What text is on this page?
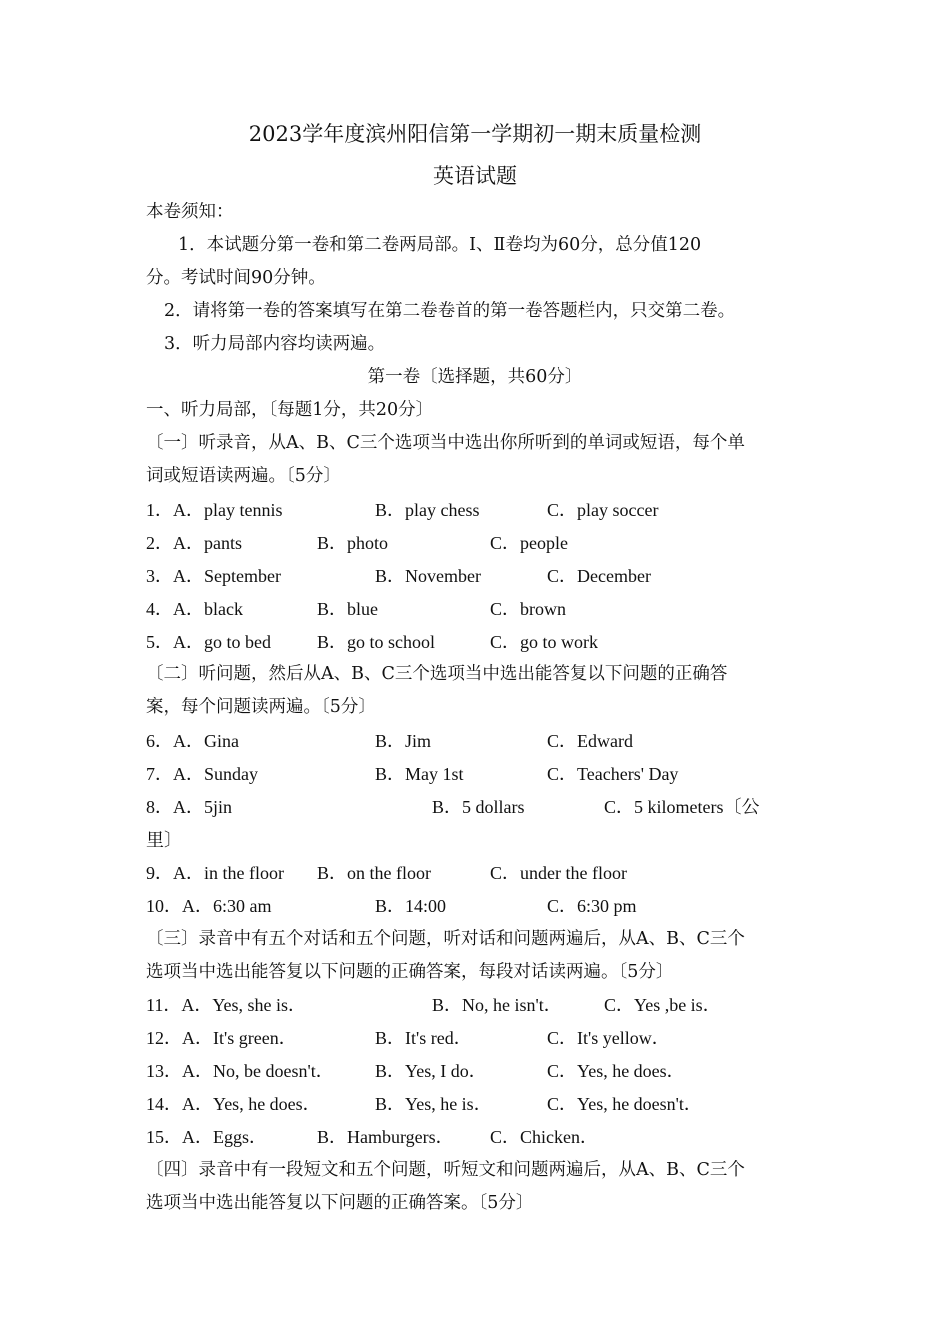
2023学年度滨州阳信第一学期初一期末质量检测
英语试题
本卷须知：
1．本试题分第一卷和第二卷两局部。Ⅰ、Ⅱ卷均为60分，总分值120
分。考试时间90分钟。
2．请将第一卷的答案填写在第二卷卷首的第一卷答题栏内，只交第二卷。
3．听力局部内容均读两遍。
第一卷〔选择题，共60分〕
一、听力局部，〔每题1分，共20分〕
〔一〕听录音，从A、B、C三个选项当中选出你所听到的单词或短语，每个单
词或短语读两遍。〔5分〕
1．A．play tennis	B．play chess	C．play soccer
2．A．pants	B．photo	C．people
3．A．September	B．November	C．December
4．A．black	B．blue	C．brown
5．A．go to bed	B．go to school	C．go to work
〔二〕听问题，然后从A、B、C三个选项当中选出能答复以下问题的正确答
案，每个问题读两遍。〔5分〕
6．A．Gina	B．Jim	C．Edward
7．A．Sunday	B．May 1st	C．Teachers' Day
8．A．5jin	B．5 dollars	C．5 kilometers〔公
里〕
9．A．in the floor B．on the floor	C．under the floor
10．A．6:30 am	B．14:00	C．6:30 pm
〔三〕录音中有五个对话和五个问题，听对话和问题两遍后，从A、B、C三个
选项当中选出能答复以下问题的正确答案，每段对话读两遍。〔5分〕
11．A．Yes, she is．	B．No, he isn't． C．Yes ,be is．
12．A．It's green．	B．It's red．	C．It's yellow．
13．A．No, be doesn't． B．Yes, I do．	C．Yes, he does．
14．A．Yes, he does．	B．Yes, he is．	C．Yes, he doesn't．
15．A．Eggs．	B．Hamburgers． C．Chicken．
〔四〕录音中有一段短文和五个问题，听短文和问题两遍后，从A、B、C三个
选项当中选出能答复以下问题的正确答案。〔5分〕
